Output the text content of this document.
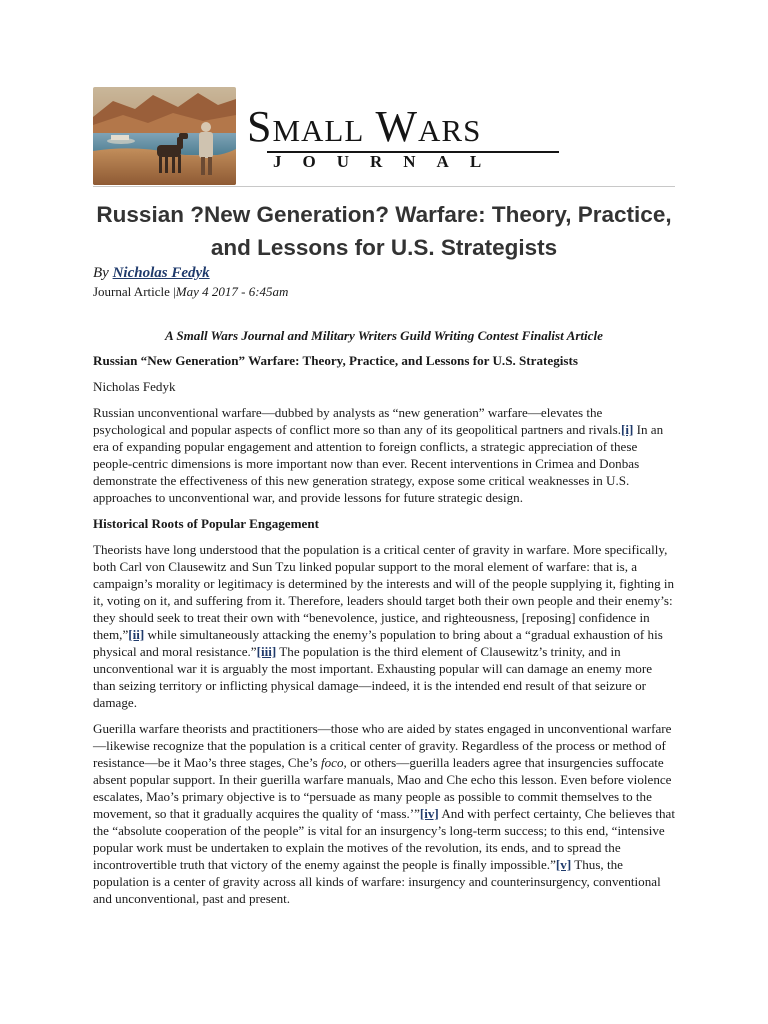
Small Wars
JOURNAL
Russian ?New Generation? Warfare: Theory, Practice, and Lessons for U.S. Strategists
By Nicholas Fedyk
Journal Article |May 4 2017 - 6:45am

A Small Wars Journal and Military Writers Guild Writing Contest Finalist Article

Russian “New Generation” Warfare: Theory, Practice, and Lessons for U.S. Strategists

Nicholas Fedyk

Russian unconventional warfare—dubbed by analysts as “new generation” warfare—elevates the psychological and popular aspects of conflict more so than any of its geopolitical partners and rivals.[i] In an era of expanding popular engagement and attention to foreign conflicts, a strategic appreciation of these people-centric dimensions is more important now than ever. Recent interventions in Crimea and Donbas demonstrate the effectiveness of this new generation strategy, expose some critical weaknesses in U.S. approaches to unconventional war, and provide lessons for future strategic design.

Historical Roots of Popular Engagement

Theorists have long understood that the population is a critical center of gravity in warfare. More specifically, both Carl von Clausewitz and Sun Tzu linked popular support to the moral element of warfare: that is, a campaign’s morality or legitimacy is determined by the interests and will of the people supplying it, fighting in it, voting on it, and suffering from it. Therefore, leaders should target both their own people and their enemy’s: they should seek to treat their own with “benevolence, justice, and righteousness, [reposing] confidence in them,”[ii] while simultaneously attacking the enemy’s population to bring about a “gradual exhaustion of his physical and moral resistance.”[iii] The population is the third element of Clausewitz’s trinity, and in unconventional war it is arguably the most important. Exhausting popular will can damage an enemy more than seizing territory or inflicting physical damage—indeed, it is the intended end result of that seizure or damage.

Guerilla warfare theorists and practitioners—those who are aided by states engaged in unconventional warfare—likewise recognize that the population is a critical center of gravity. Regardless of the process or method of resistance—be it Mao’s three stages, Che’s foco, or others—guerilla leaders agree that insurgencies suffocate absent popular support. In their guerilla warfare manuals, Mao and Che echo this lesson. Even before violence escalates, Mao’s primary objective is to “persuade as many people as possible to commit themselves to the movement, so that it gradually acquires the quality of ‘mass.’”[iv] And with perfect certainty, Che believes that the “absolute cooperation of the people” is vital for an insurgency’s long-term success; to this end, “intensive popular work must be undertaken to explain the motives of the revolution, its ends, and to spread the incontrovertible truth that victory of the enemy against the people is finally impossible.”[v] Thus, the population is a center of gravity across all kinds of warfare: insurgency and counterinsurgency, conventional and unconventional, past and present.
